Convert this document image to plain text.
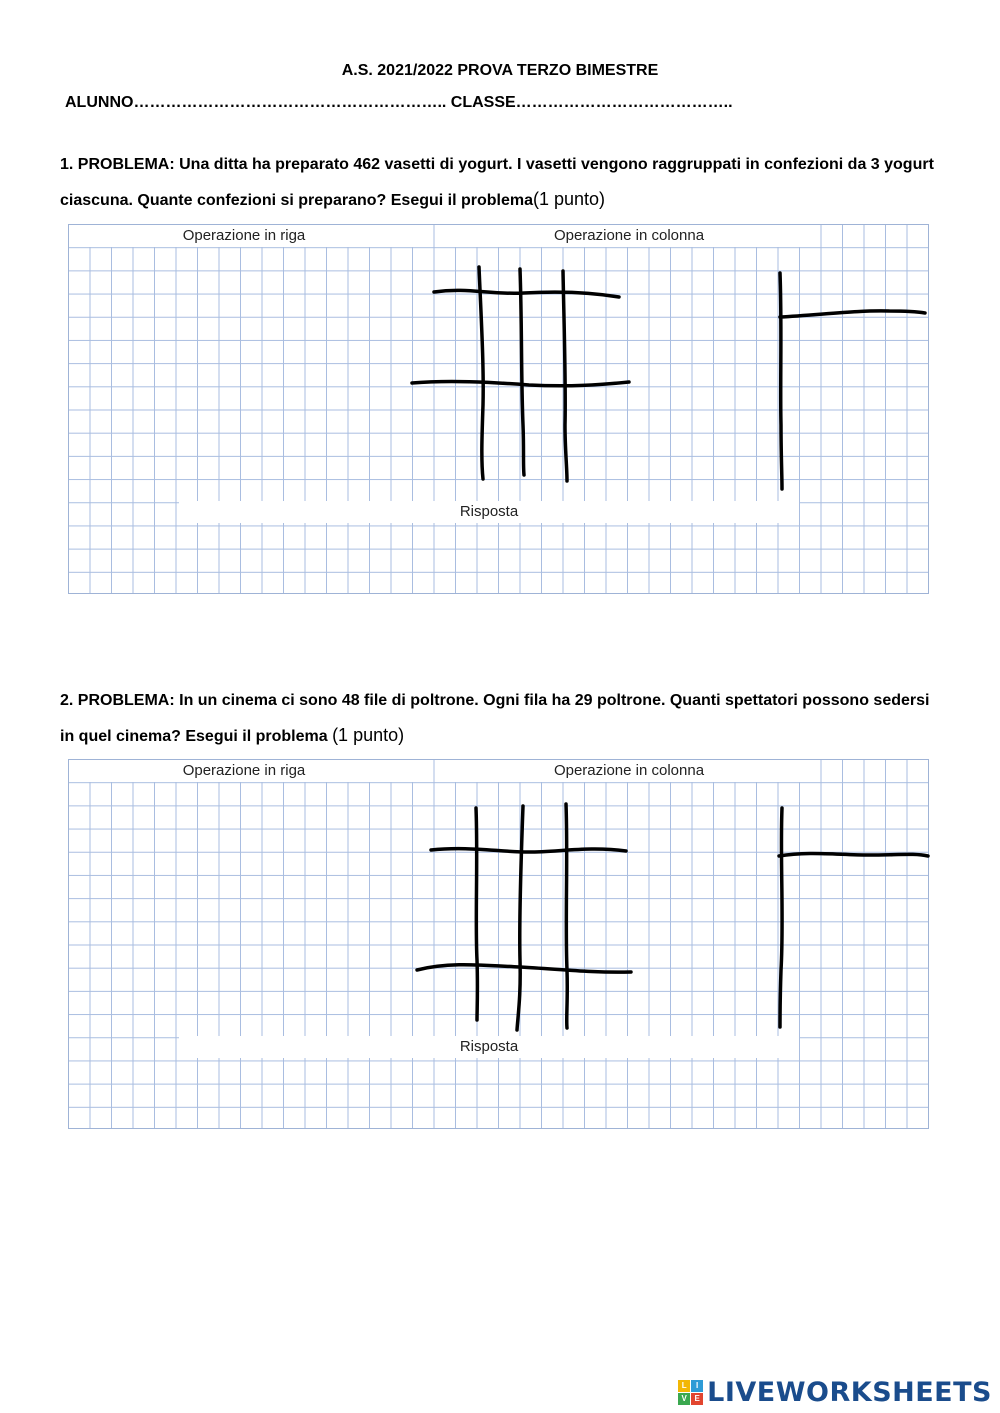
A.S. 2021/2022 PROVA TERZO BIMESTRE
ALUNNO………………………………………………….. CLASSE…………………………………..
1. PROBLEMA: Una ditta ha preparato 462 vasetti di yogurt. I vasetti vengono raggruppati in confezioni da 3 yogurt ciascuna. Quante confezioni si preparano? Esegui il problema(1 punto)
Operazione in riga	Operazione in colonna
Risposta
2. PROBLEMA: In un cinema ci sono 48 file di poltrone. Ogni fila ha 29 poltrone. Quanti spettatori possono sedersi in quel cinema? Esegui il problema (1 punto)
Operazione in riga	Operazione in colonna
Risposta
L	I
V E LIVEWORKSHEETS
